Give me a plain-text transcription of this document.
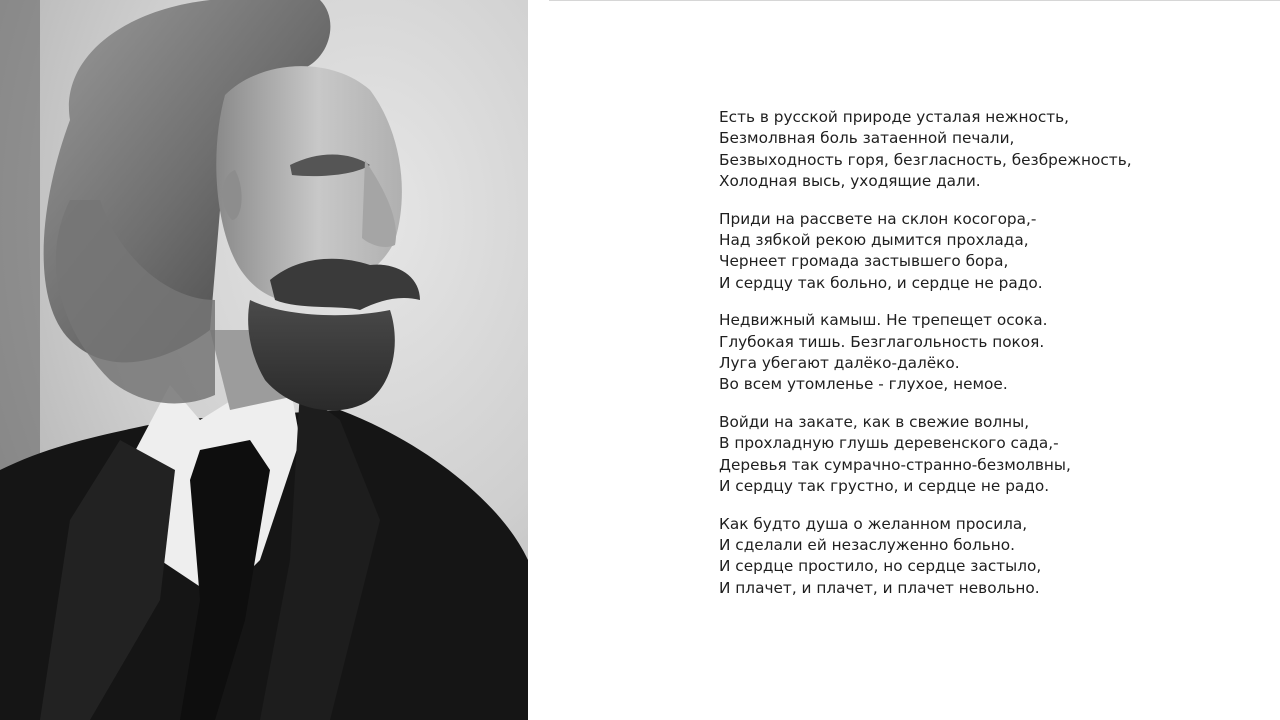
Есть в русской природе усталая нежность,
Безмолвная боль затаенной печали,
Безвыходность горя, безгласность, безбрежность,
Холодная высь, уходящие дали.
Приди на рассвете на склон косогора,-
Над зябкой рекою дымится прохлада,
Чернеет громада застывшего бора,
И сердцу так больно, и сердце не радо.
Недвижный камыш. Не трепещет осока.
Глубокая тишь. Безглагольность покоя.
Луга убегают далёко-далёко.
Во всем утомленье - глухое, немое.
Войди на закате, как в свежие волны,
В прохладную глушь деревенского сада,-
Деревья так сумрачно-странно-безмолвны,
И сердцу так грустно, и сердце не радо.
Как будто душа о желанном просила,
И сделали ей незаслуженно больно.
И сердце простило, но сердце застыло,
И плачет, и плачет, и плачет невольно.
